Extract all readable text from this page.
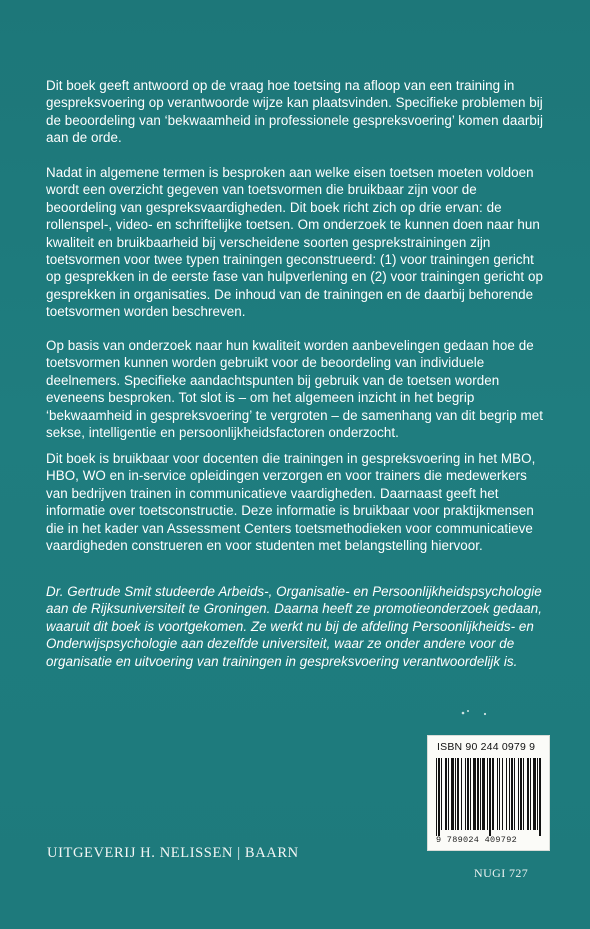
Dit boek geeft antwoord op de vraag hoe toetsing na afloop van een training in gespreksvoering op verantwoorde wijze kan plaatsvinden. Specifieke problemen bij de beoordeling van ‘bekwaamheid in professionele gespreksvoering’ komen daarbij aan de orde.

Nadat in algemene termen is besproken aan welke eisen toetsen moeten voldoen wordt een overzicht gegeven van toetsvormen die bruikbaar zijn voor de beoordeling van gespreksvaardigheden. Dit boek richt zich op drie ervan: de rollenspel-, video- en schriftelijke toetsen. Om onderzoek te kunnen doen naar hun kwaliteit en bruikbaarheid bij verscheidene soorten gesprekstrainingen zijn toetsvormen voor twee typen trainingen geconstrueerd: (1) voor trainingen gericht op gesprekken in de eerste fase van hulpverlening en (2) voor trainingen gericht op gesprekken in organisaties. De inhoud van de trainingen en de daarbij behorende toetsvormen worden beschreven.

Op basis van onderzoek naar hun kwaliteit worden aanbevelingen gedaan hoe de toetsvormen kunnen worden gebruikt voor de beoordeling van individuele deelnemers. Specifieke aandachtspunten bij gebruik van de toetsen worden eveneens besproken. Tot slot is – om het algemeen inzicht in het begrip ‘bekwaamheid in gespreksvoering’ te vergroten – de samenhang van dit begrip met sekse, intelligentie en persoonlijkheidsfactoren onderzocht.

Dit boek is bruikbaar voor docenten die trainingen in gespreksvoering in het MBO, HBO, WO en in-service opleidingen verzorgen en voor trainers die medewerkers van bedrijven trainen in communicatieve vaardigheden. Daarnaast geeft het informatie over toetsconstructie. Deze informatie is bruikbaar voor praktijkmensen die in het kader van Assessment Centers toetsmethodieken voor communicatieve vaardigheden construeren en voor studenten met belangstelling hiervoor.

Dr. Gertrude Smit studeerde Arbeids-, Organisatie- en Persoonlijkheidspsychologie aan de Rijksuniversiteit te Groningen. Daarna heeft ze promotieonderzoek gedaan, waaruit dit boek is voortgekomen. Ze werkt nu bij de afdeling Persoonlijkheids- en Onderwijspsychologie aan dezelfde universiteit, waar ze onder andere voor de organisatie en uitvoering van trainingen in gespreksvoering verantwoordelijk is.

ISBN 90 244 0979 9
9 789024 409792
UITGEVERIJ H. NELISSEN | BAARN
NUGI 727
